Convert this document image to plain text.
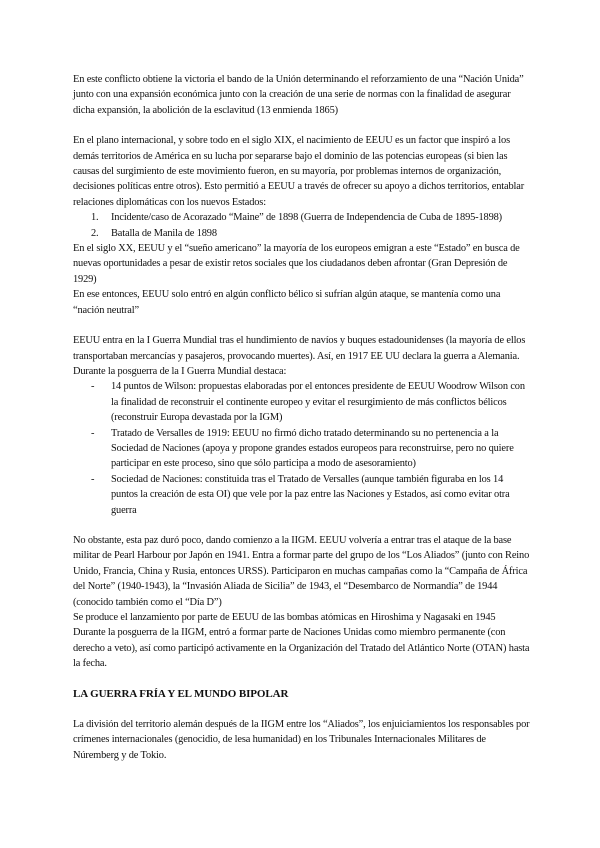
En este conflicto obtiene la victoria el bando de la Unión determinando el reforzamiento de una “Nación Unida” junto con una expansión económica junto con la creación de una serie de normas con la finalidad de asegurar dicha expansión, la abolición de la esclavitud (13 enmienda 1865)

En el plano internacional, y sobre todo en el siglo XIX, el nacimiento de EEUU es un factor que inspiró a los demás territorios de América en su lucha por separarse bajo el dominio de las potencias europeas (si bien las causas del surgimiento de este movimiento fueron, en su mayoría, por problemas internos de organización, decisiones políticas entre otros). Esto permitió a EEUU a través de ofrecer su apoyo a dichos territorios, entablar relaciones diplomáticas con los nuevos Estados:

1. Incidente/caso de Acorazado “Maine” de 1898 (Guerra de Independencia de Cuba de 1895-1898)
2. Batalla de Manila de 1898

En el siglo XX, EEUU y el “sueño americano” la mayoría de los europeos emigran a este “Estado” en busca de nuevas oportunidades a pesar de existir retos sociales que los ciudadanos deben afrontar (Gran Depresión de 1929)

En ese entonces, EEUU solo entró en algún conflicto bélico si sufrían algún ataque, se mantenía como una “nación neutral”

EEUU entra en la I Guerra Mundial tras el hundimiento de navíos y buques estadounidenses (la mayoría de ellos transportaban mercancías y pasajeros, provocando muertes). Así, en 1917 EE UU declara la guerra a Alemania. Durante la posguerra de la I Guerra Mundial destaca:

- 14 puntos de Wilson: propuestas elaboradas por el entonces presidente de EEUU Woodrow Wilson con la finalidad de reconstruir el continente europeo y evitar el resurgimiento de más conflictos bélicos (reconstruir Europa devastada por la IGM)
- Tratado de Versalles de 1919: EEUU no firmó dicho tratado determinando su no pertenencia a la Sociedad de Naciones (apoya y propone grandes estados europeos para reconstruirse, pero no quiere participar en este proceso, sino que sólo participa a modo de asesoramiento)
- Sociedad de Naciones: constituida tras el Tratado de Versalles (aunque también figuraba en los 14 puntos la creación de esta OI) que vele por la paz entre las Naciones y Estados, así como evitar otra guerra

No obstante, esta paz duró poco, dando comienzo a la IIGM. EEUU volvería a entrar tras el ataque de la base militar de Pearl Harbour por Japón en 1941. Entra a formar parte del grupo de los “Los Aliados” (junto con Reino Unido, Francia, China y Rusia, entonces URSS). Participaron en muchas campañas como la “Campaña de África del Norte” (1940-1943), la “Invasión Aliada de Sicilia” de 1943, el “Desembarco de Normandía” de 1944 (conocido también como el “Día D”)

Se produce el lanzamiento por parte de EEUU de las bombas atómicas en Hiroshima y Nagasaki en 1945

Durante la posguerra de la IIGM, entró a formar parte de Naciones Unidas como miembro permanente (con derecho a veto), así como participó activamente en la Organización del Tratado del Atlántico Norte (OTAN) hasta la fecha.

LA GUERRA FRÍA Y EL MUNDO BIPOLAR

La división del territorio alemán después de la IIGM entre los “Aliados”, los enjuiciamientos los responsables por crímenes internacionales (genocidio, de lesa humanidad) en los Tribunales Internacionales Militares de Núremberg y de Tokio.
